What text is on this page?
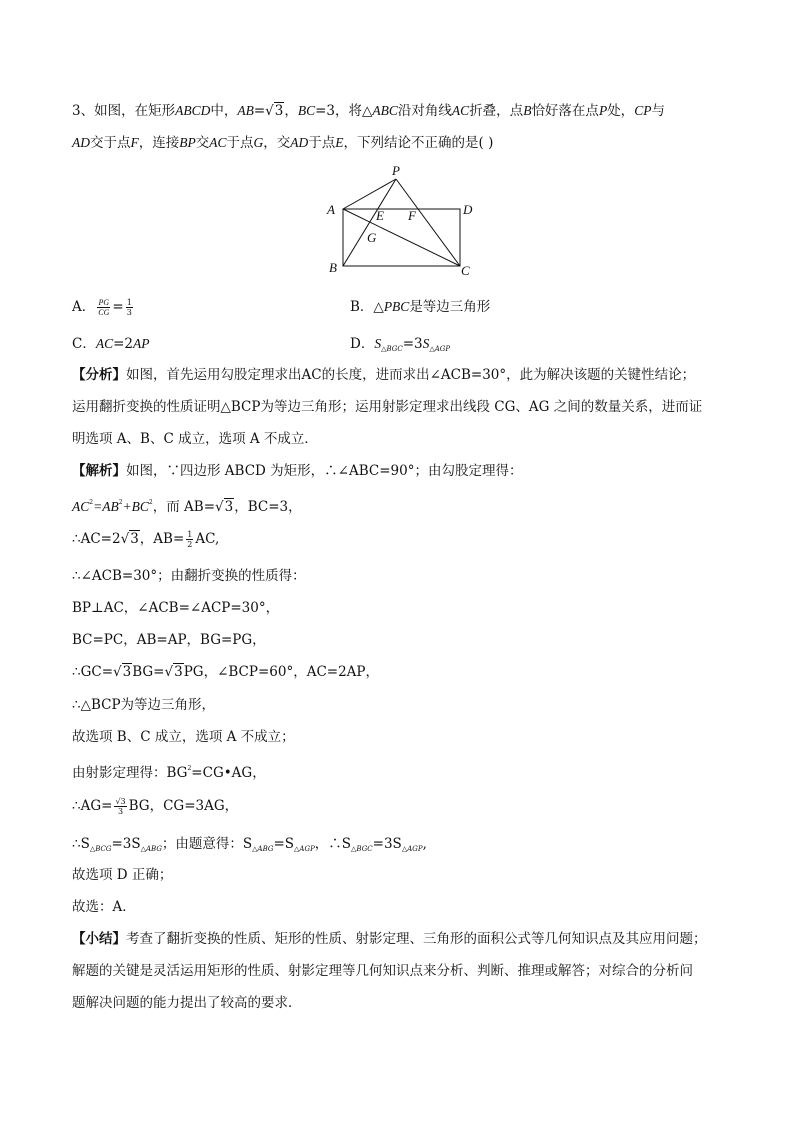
3、如图，在矩形ABCD中，AB=√3，BC=3，将△ABC沿对角线AC折叠，点B恰好落在点P处，CP与
AD交于点F，连接BP交AC于点G，交AD于点E，下列结论不正确的是( )
P
A	D
E F
G
B	C
A． $\frac{PG}{CG} = \frac{1}{3}$	B．△PBC是等边三角形
C．AC=2AP	D．$S_{\triangle BGC}=3S_{\triangle AGP}$
【分析】如图，首先运用勾股定理求出AC的长度，进而求出∠ACB=30°，此为解决该题的关键性结论；
运用翻折变换的性质证明△BCP为等边三角形；运用射影定理求出线段 CG、AG 之间的数量关系，进而证
明选项 A、B、C 成立，选项 A 不成立．
【解析】如图，∵四边形 ABCD 为矩形，∴∠ABC=90°；由勾股定理得：
$AC^2=AB^2+BC^2$，而 AB=√3，BC=3，
∴AC=2√3，$AB= \frac{1}{2}$ AC,
∴∠ACB=30°；由翻折变换的性质得：
BP⊥AC，∠ACB=∠ACP=30°，
BC=PC，AB=AP，BG=PG，
∴GC=√3BG=√3PG，∠BCP=60°，AC=2AP，
∴△BCP为等边三角形，
故选项 B、C 成立，选项 A 不成立；
由射影定理得：$BG^2=CG•AG$，
∴AG= $\frac{√3}{3}$ BG，CG=3AG，
$\therefore S_{\triangle BCG}=3S_{\triangle ABG}$；由题意得：$S_{\triangle ABG}=S_{\triangle AGP}$，$\therefore S_{\triangle BGC}=3S_{\triangle AGP}$,
故选项 D 正确；
故选：A．
【小结】考查了翻折变换的性质、矩形的性质、射影定理、三角形的面积公式等几何知识点及其应用问题；
解题的关键是灵活运用矩形的性质、射影定理等几何知识点来分析、判断、推理或解答；对综合的分析问
题解决问题的能力提出了较高的要求．
